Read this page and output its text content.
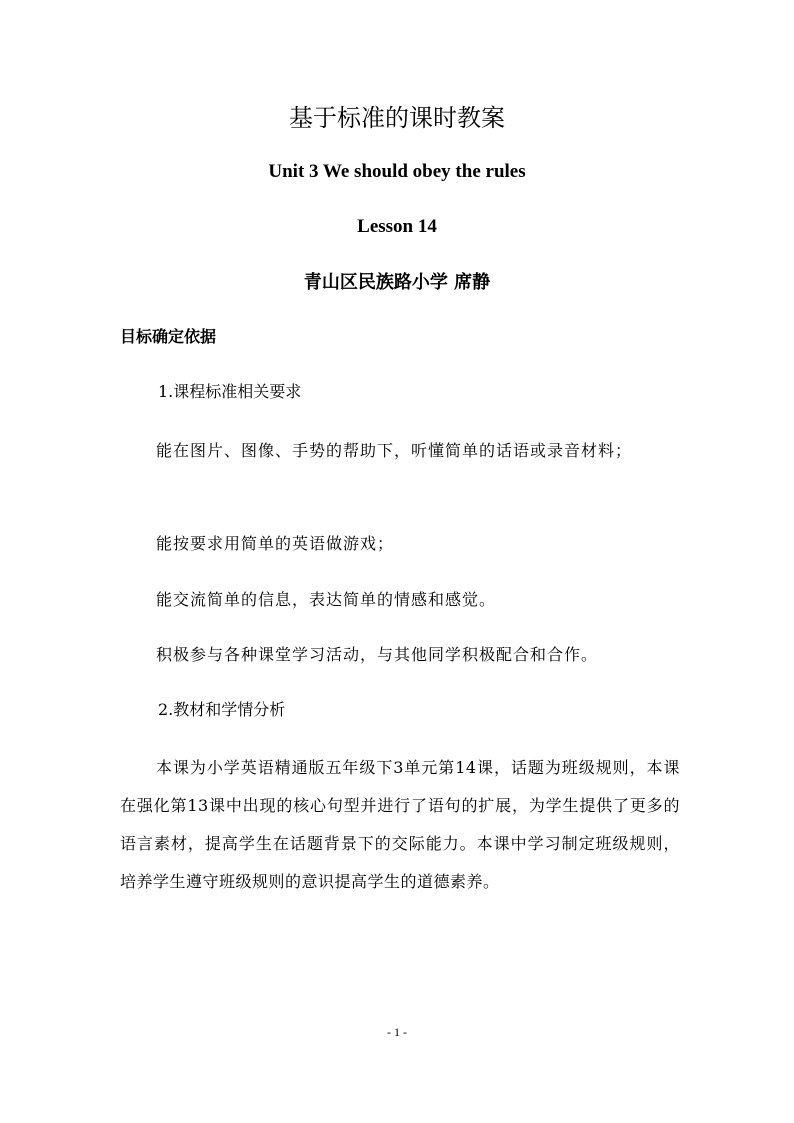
基于标准的课时教案
Unit 3 We should obey the rules
Lesson 14
青山区民族路小学 席静
目标确定依据
1.课程标准相关要求
能在图片、图像、手势的帮助下，听懂简单的话语或录音材料；
能按要求用简单的英语做游戏；
能交流简单的信息，表达简单的情感和感觉。
积极参与各种课堂学习活动，与其他同学积极配合和合作。
2.教材和学情分析
本课为小学英语精通版五年级下3单元第14课，话题为班级规则，本课在强化第13课中出现的核心句型并进行了语句的扩展，为学生提供了更多的语言素材，提高学生在话题背景下的交际能力。本课中学习制定班级规则，培养学生遵守班级规则的意识提高学生的道德素养。
- 1 -
